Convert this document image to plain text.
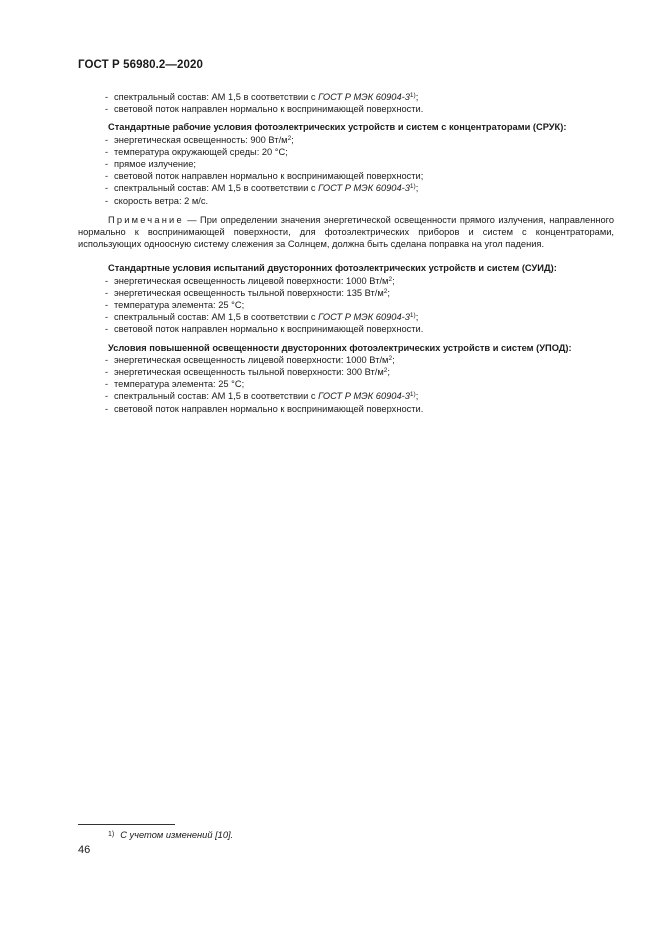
ГОСТ Р 56980.2—2020
- спектральный состав: АМ 1,5 в соответствии с ГОСТ Р МЭК 60904-3$^{1)}$;
- световой поток направлен нормально к воспринимающей поверхности.
Стандартные рабочие условия фотоэлектрических устройств и систем с концентраторами (СРУК):
- энергетическая освещенность: 900 $Вт/м^2$;
- температура окружающей среды: 20 °С;
- прямое излучение;
- световой поток направлен нормально к воспринимающей поверхности;
- спектральный состав: АМ 1,5 в соответствии с ГОСТ Р МЭК 60904-3$^{1)}$;
- скорость ветра: 2 м/с.
Примечание — При определении значения энергетической освещенности прямого излучения, направленного нормально к воспринимающей поверхности, для фотоэлектрических приборов и систем с концентраторами, использующих одноосную систему слежения за Солнцем, должна быть сделана поправка на угол падения.
Стандартные условия испытаний двусторонних фотоэлектрических устройств и систем (СУИД):
- энергетическая освещенность лицевой поверхности: 1000 $Вт/м^2$;
- энергетическая освещенность тыльной поверхности: 135 $Вт/м^2$;
- температура элемента: 25 °С;
- спектральный состав: АМ 1,5 в соответствии с ГОСТ Р МЭК 60904-3$^{1)}$;
- световой поток направлен нормально к воспринимающей поверхности.
Условия повышенной освещенности двусторонних фотоэлектрических устройств и систем (УПОД):
- энергетическая освещенность лицевой поверхности: 1000 $Вт/м^2$;
- энергетическая освещенность тыльной поверхности: 300 $Вт/м^2$;
- температура элемента: 25 °С;
- спектральный состав: АМ 1,5 в соответствии с ГОСТ Р МЭК 60904-3$^{1)}$;
- световой поток направлен нормально к воспринимающей поверхности.
$^{1)}$ С учетом изменений [10].
46
